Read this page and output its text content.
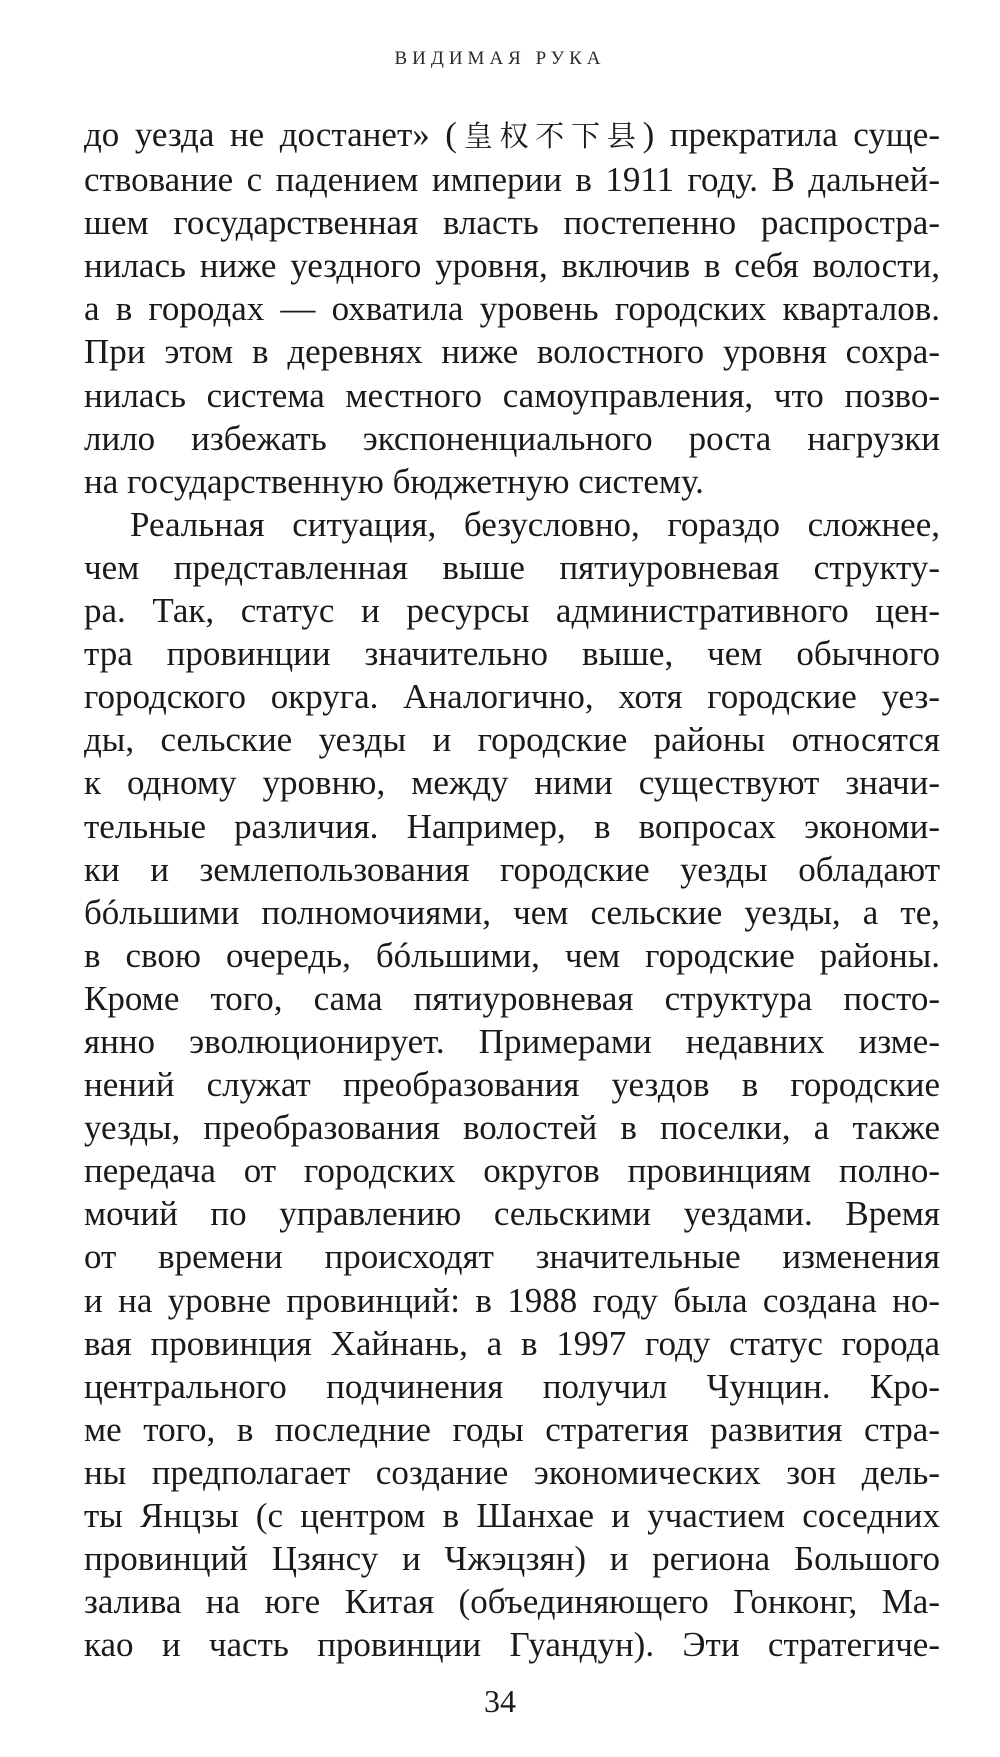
ВИДИМАЯ РУКА

до уезда не достанет» (皇权不下县) прекратила суще-
ствование с падением империи в 1911 году. В дальней-
шем государственная власть постепенно распростра-
нилась ниже уездного уровня, включив в себя волости,
а в городах — охватила уровень городских кварталов.
При этом в деревнях ниже волостного уровня сохра-
нилась система местного самоуправления, что позво-
лило избежать экспоненциального роста нагрузки
на государственную бюджетную систему.

Реальная ситуация, безусловно, гораздо сложнее,
чем представленная выше пятиуровневая структу-
ра. Так, статус и ресурсы административного цен-
тра провинции значительно выше, чем обычного
городского округа. Аналогично, хотя городские уез-
ды, сельские уезды и городские районы относятся
к одному уровню, между ними существуют значи-
тельные различия. Например, в вопросах экономи-
ки и землепользования городские уезды обладают
бóльшими полномочиями, чем сельские уезды, а те,
в свою очередь, бóльшими, чем городские районы.
Кроме того, сама пятиуровневая структура посто-
янно эволюционирует. Примерами недавних изме-
нений служат преобразования уездов в городские
уезды, преобразования волостей в поселки, а также
передача от городских округов провинциям полно-
мочий по управлению сельскими уездами. Время
от времени происходят значительные изменения
и на уровне провинций: в 1988 году была создана но-
вая провинция Хайнань, а в 1997 году статус города
центрального подчинения получил Чунцин. Кро-
ме того, в последние годы стратегия развития стра-
ны предполагает создание экономических зон дель-
ты Янцзы (с центром в Шанхае и участием соседних
провинций Цзянсу и Чжэцзян) и региона Большого
залива на юге Китая (объединяющего Гонконг, Ма-
као и часть провинции Гуандун). Эти стратегиче-

34
